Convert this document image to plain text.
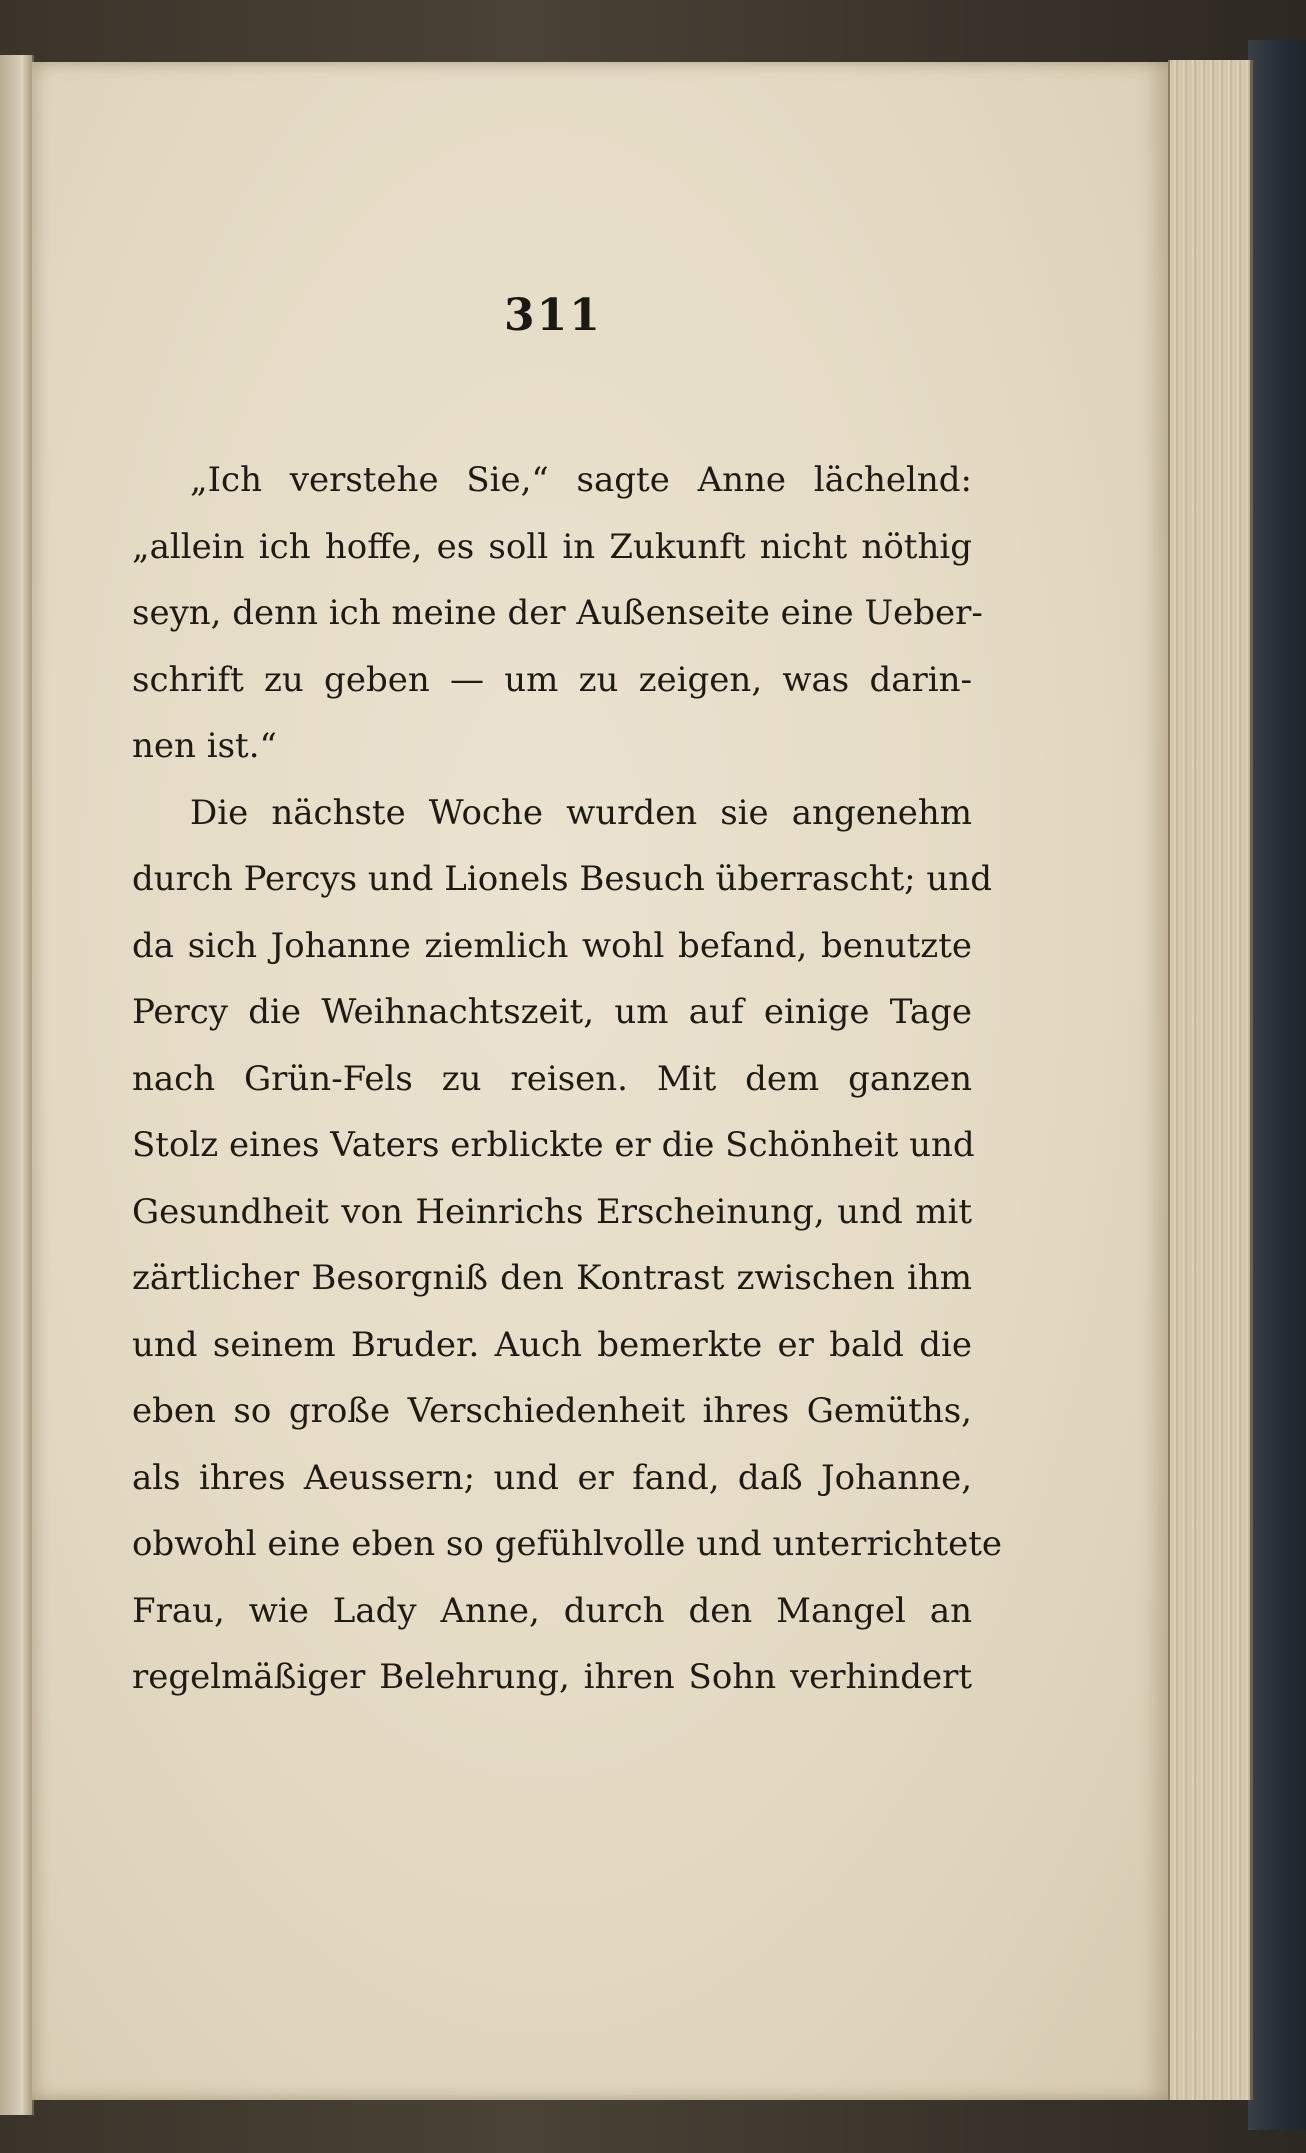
311

„Ich verstehe Sie,“ sagte Anne lächelnd:
„allein ich hoffe, es soll in Zukunft nicht nöthig
seyn, denn ich meine der Außenseite eine Ueber-
schrift zu geben — um zu zeigen, was darin-
nen ist.“

Die nächste Woche wurden sie angenehm
durch Percys und Lionels Besuch überrascht; und
da sich Johanne ziemlich wohl befand, benutzte
Percy die Weihnachtszeit, um auf einige Tage
nach Grün-Fels zu reisen. Mit dem ganzen
Stolz eines Vaters erblickte er die Schönheit und
Gesundheit von Heinrichs Erscheinung, und mit
zärtlicher Besorgniß den Kontrast zwischen ihm
und seinem Bruder. Auch bemerkte er bald die
eben so große Verschiedenheit ihres Gemüths,
als ihres Aeussern; und er fand, daß Johanne,
obwohl eine eben so gefühlvolle und unterrichtete
Frau, wie Lady Anne, durch den Mangel an
regelmäßiger Belehrung, ihren Sohn verhindert
